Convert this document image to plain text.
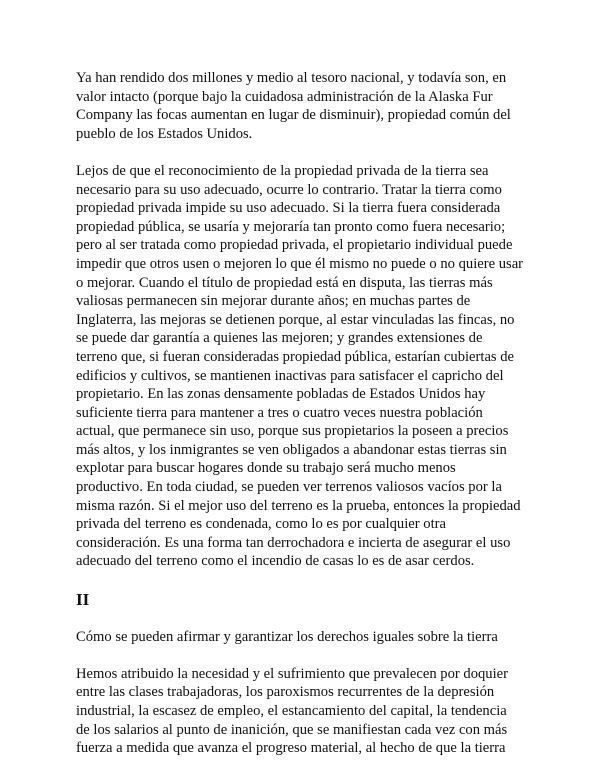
Ya han rendido dos millones y medio al tesoro nacional, y todavía son, en valor intacto (porque bajo la cuidadosa administración de la Alaska Fur Company las focas aumentan en lugar de disminuir), propiedad común del pueblo de los Estados Unidos.

Lejos de que el reconocimiento de la propiedad privada de la tierra sea necesario para su uso adecuado, ocurre lo contrario. Tratar la tierra como propiedad privada impide su uso adecuado. Si la tierra fuera considerada propiedad pública, se usaría y mejoraría tan pronto como fuera necesario; pero al ser tratada como propiedad privada, el propietario individual puede impedir que otros usen o mejoren lo que él mismo no puede o no quiere usar o mejorar. Cuando el título de propiedad está en disputa, las tierras más valiosas permanecen sin mejorar durante años; en muchas partes de Inglaterra, las mejoras se detienen porque, al estar vinculadas las fincas, no se puede dar garantía a quienes las mejoren; y grandes extensiones de terreno que, si fueran consideradas propiedad pública, estarían cubiertas de edificios y cultivos, se mantienen inactivas para satisfacer el capricho del propietario. En las zonas densamente pobladas de Estados Unidos hay suficiente tierra para mantener a tres o cuatro veces nuestra población actual, que permanece sin uso, porque sus propietarios la poseen a precios más altos, y los inmigrantes se ven obligados a abandonar estas tierras sin explotar para buscar hogares donde su trabajo será mucho menos productivo. En toda ciudad, se pueden ver terrenos valiosos vacíos por la misma razón. Si el mejor uso del terreno es la prueba, entonces la propiedad privada del terreno es condenada, como lo es por cualquier otra consideración. Es una forma tan derrochadora e incierta de asegurar el uso adecuado del terreno como el incendio de casas lo es de asar cerdos.

II

Cómo se pueden afirmar y garantizar los derechos iguales sobre la tierra

Hemos atribuido la necesidad y el sufrimiento que prevalecen por doquier entre las clases trabajadoras, los paroxismos recurrentes de la depresión industrial, la escasez de empleo, el estancamiento del capital, la tendencia de los salarios al punto de inanición, que se manifiestan cada vez con más fuerza a medida que avanza el progreso material, al hecho de que la tierra
